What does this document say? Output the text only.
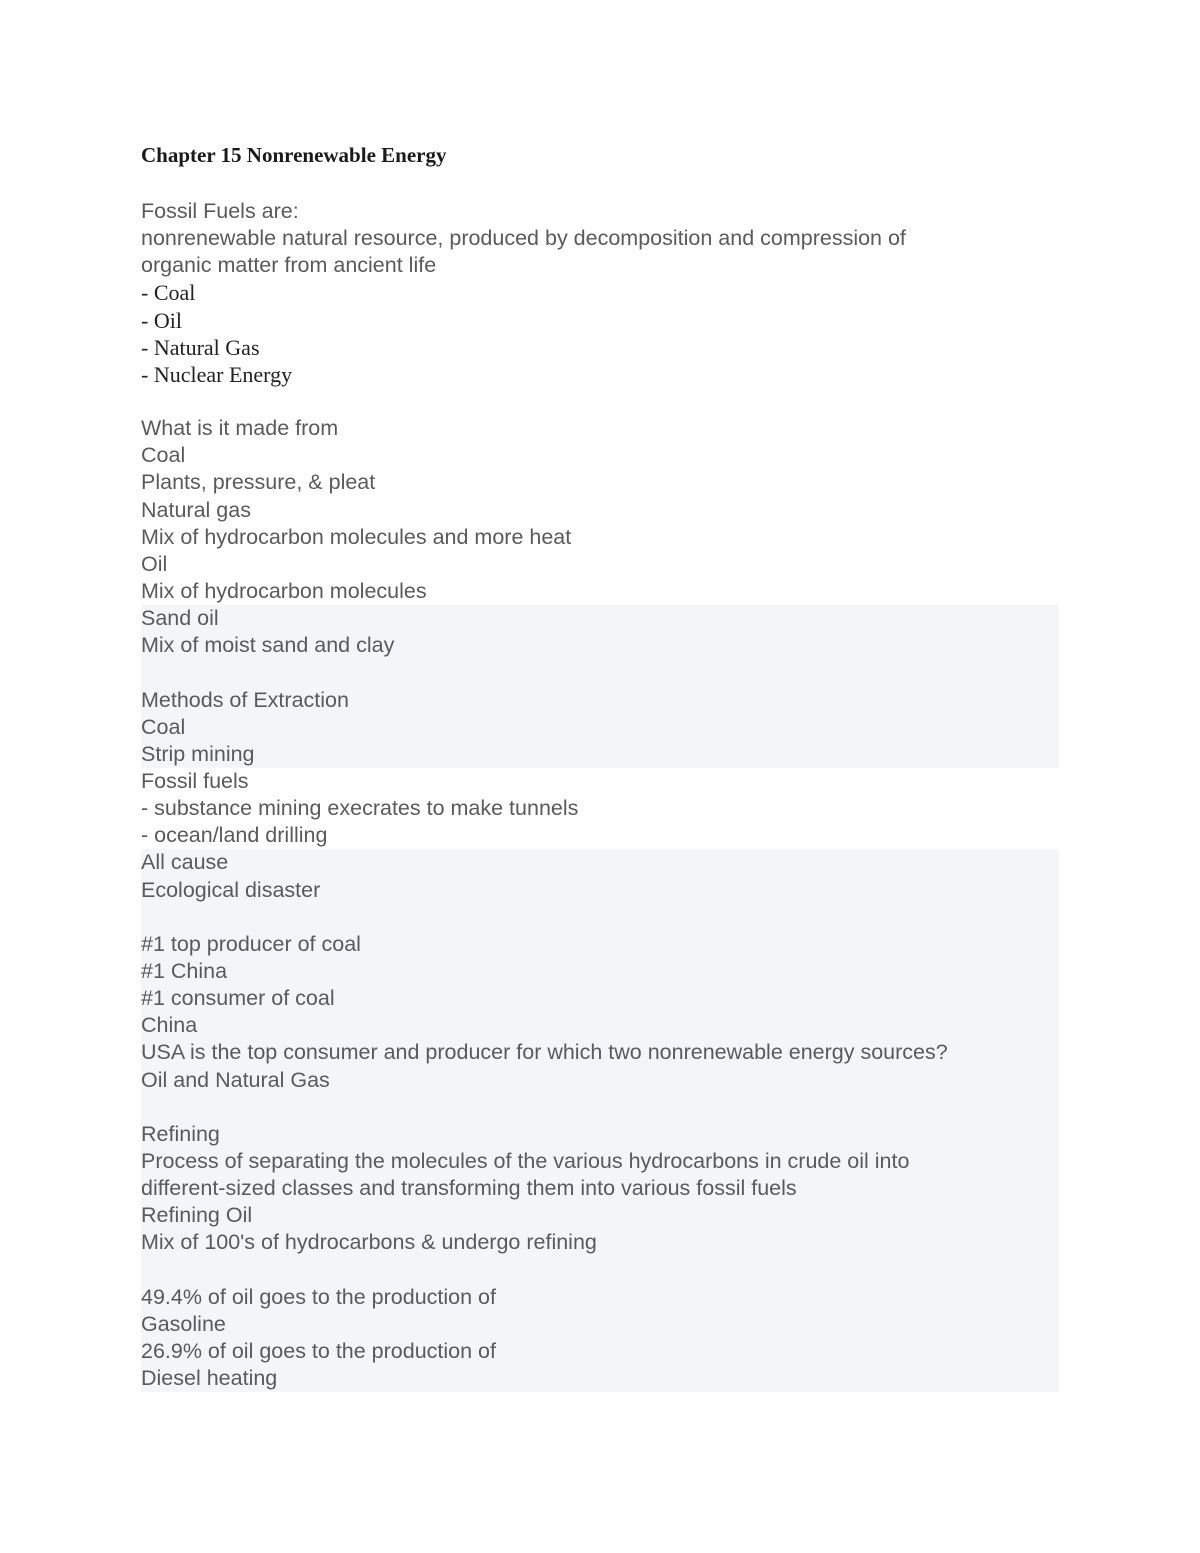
Chapter 15 Nonrenewable Energy
Fossil Fuels are:
nonrenewable natural resource, produced by decomposition and compression of
organic matter from ancient life
- Coal
- Oil
- Natural Gas
- Nuclear Energy
What is it made from
Coal
Plants, pressure, & pleat
Natural gas
Mix of hydrocarbon molecules and more heat
Oil
Mix of hydrocarbon molecules
Sand oil
Mix of moist sand and clay
Methods of Extraction
Coal
Strip mining
Fossil fuels
- substance mining execrates to make tunnels
- ocean/land drilling
All cause
Ecological disaster
#1 top producer of coal
#1 China
#1 consumer of coal
China
USA is the top consumer and producer for which two nonrenewable energy sources?
Oil and Natural Gas
Refining
Process of separating the molecules of the various hydrocarbons in crude oil into
different-sized classes and transforming them into various fossil fuels
Refining Oil
Mix of 100's of hydrocarbons & undergo refining
49.4% of oil goes to the production of
Gasoline
26.9% of oil goes to the production of
Diesel heating
